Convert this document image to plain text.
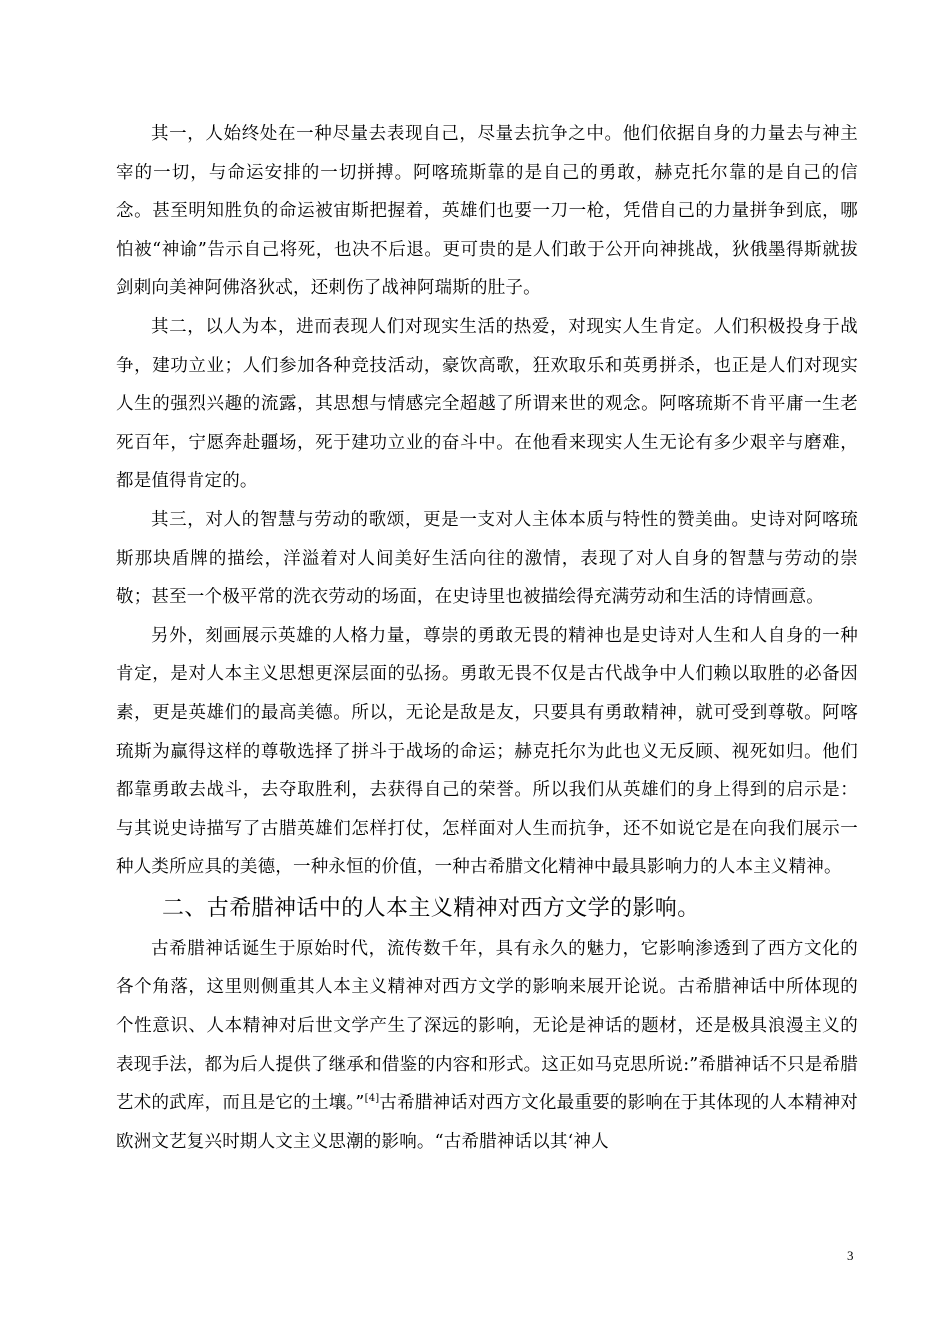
其一，人始终处在一种尽量去表现自己，尽量去抗争之中。他们依据自身的力量去与神主宰的一切，与命运安排的一切拼搏。阿喀琉斯靠的是自己的勇敢，赫克托尔靠的是自己的信念。甚至明知胜负的命运被宙斯把握着，英雄们也要一刀一枪，凭借自己的力量拼争到底，哪怕被“神谕”告示自己将死，也决不后退。更可贵的是人们敢于公开向神挑战，狄俄墨得斯就拔剑刺向美神阿佛洛狄忒，还刺伤了战神阿瑞斯的肚子。

其二，以人为本，进而表现人们对现实生活的热爱，对现实人生肯定。人们积极投身于战争，建功立业；人们参加各种竞技活动，豪饮高歌，狂欢取乐和英勇拼杀，也正是人们对现实人生的强烈兴趣的流露，其思想与情感完全超越了所谓来世的观念。阿喀琉斯不肯平庸一生老死百年，宁愿奔赴疆场，死于建功立业的奋斗中。在他看来现实人生无论有多少艰辛与磨难，都是值得肯定的。

其三，对人的智慧与劳动的歌颂，更是一支对人主体本质与特性的赞美曲。史诗对阿喀琉斯那块盾牌的描绘，洋溢着对人间美好生活向往的激情，表现了对人自身的智慧与劳动的崇敬；甚至一个极平常的洗衣劳动的场面，在史诗里也被描绘得充满劳动和生活的诗情画意。

另外，刻画展示英雄的人格力量，尊崇的勇敢无畏的精神也是史诗对人生和人自身的一种肯定，是对人本主义思想更深层面的弘扬。勇敢无畏不仅是古代战争中人们赖以取胜的必备因素，更是英雄们的最高美德。所以，无论是敌是友，只要具有勇敢精神，就可受到尊敬。阿喀琉斯为赢得这样的尊敬选择了拼斗于战场的命运；赫克托尔为此也义无反顾、视死如归。他们都靠勇敢去战斗，去夺取胜利，去获得自己的荣誉。所以我们从英雄们的身上得到的启示是：与其说史诗描写了古腊英雄们怎样打仗，怎样面对人生而抗争，还不如说它是在向我们展示一种人类所应具的美德，一种永恒的价值，一种古希腊文化精神中最具影响力的人本主义精神。

二、古希腊神话中的人本主义精神对西方文学的影响。

古希腊神话诞生于原始时代，流传数千年，具有永久的魅力，它影响渗透到了西方文化的各个角落，这里则侧重其人本主义精神对西方文学的影响来展开论说。古希腊神话中所体现的个性意识、人本精神对后世文学产生了深远的影响，无论是神话的题材，还是极具浪漫主义的表现手法，都为后人提供了继承和借鉴的内容和形式。这正如马克思所说:”希腊神话不只是希腊艺术的武库，而且是它的土壤。”[4]古希腊神话对西方文化最重要的影响在于其体现的人本精神对欧洲文艺复兴时期人文主义思潮的影响。“古希腊神话以其‘神人

3
